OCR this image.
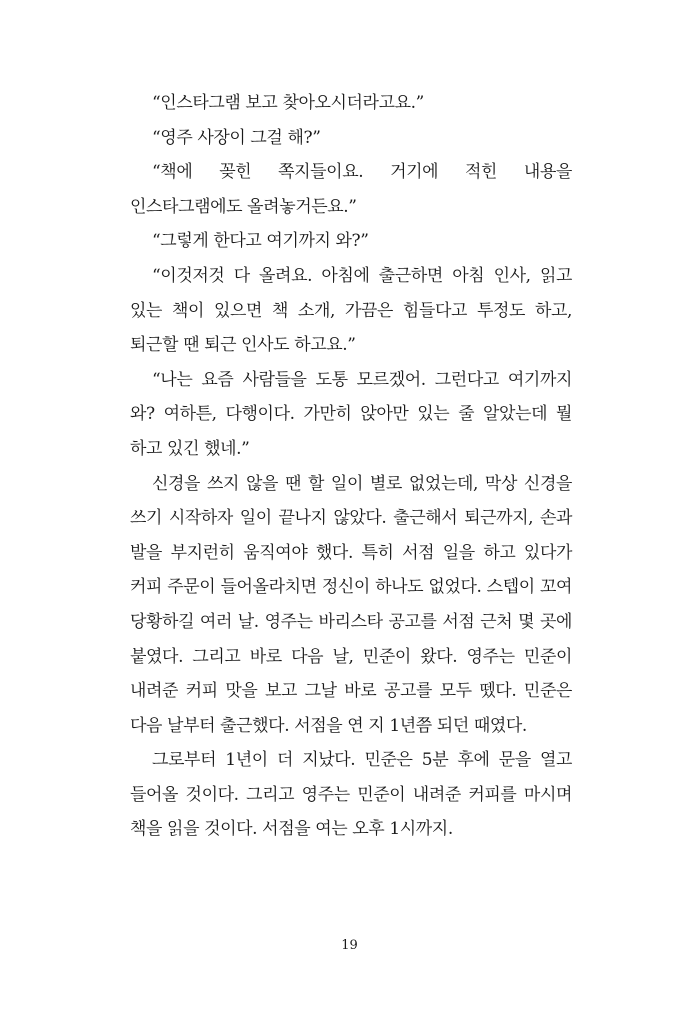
“인스타그램 보고 찾아오시더라고요.”

“영주 사장이 그걸 해?”

“책에 꽂힌 쪽지들이요. 거기에 적힌 내용을 인스타그램에도 올려놓거든요.”

“그렇게 한다고 여기까지 와?”

“이것저것 다 올려요. 아침에 출근하면 아침 인사, 읽고 있는 책이 있으면 책 소개, 가끔은 힘들다고 투정도 하고, 퇴근할 땐 퇴근 인사도 하고요.”

“나는 요즘 사람들을 도통 모르겠어. 그런다고 여기까지 와? 여하튼, 다행이다. 가만히 앉아만 있는 줄 알았는데 뭘 하고 있긴 했네.”

신경을 쓰지 않을 땐 할 일이 별로 없었는데, 막상 신경을 쓰기 시작하자 일이 끝나지 않았다. 출근해서 퇴근까지, 손과 발을 부지런히 움직여야 했다. 특히 서점 일을 하고 있다가 커피 주문이 들어올라치면 정신이 하나도 없었다. 스텝이 꼬여 당황하길 여러 날. 영주는 바리스타 공고를 서점 근처 몇 곳에 붙였다. 그리고 바로 다음 날, 민준이 왔다. 영주는 민준이 내려준 커피 맛을 보고 그날 바로 공고를 모두 뗐다. 민준은 다음 날부터 출근했다. 서점을 연 지 1년쯤 되던 때였다.

그로부터 1년이 더 지났다. 민준은 5분 후에 문을 열고 들어올 것이다. 그리고 영주는 민준이 내려준 커피를 마시며 책을 읽을 것이다. 서점을 여는 오후 1시까지.

19
